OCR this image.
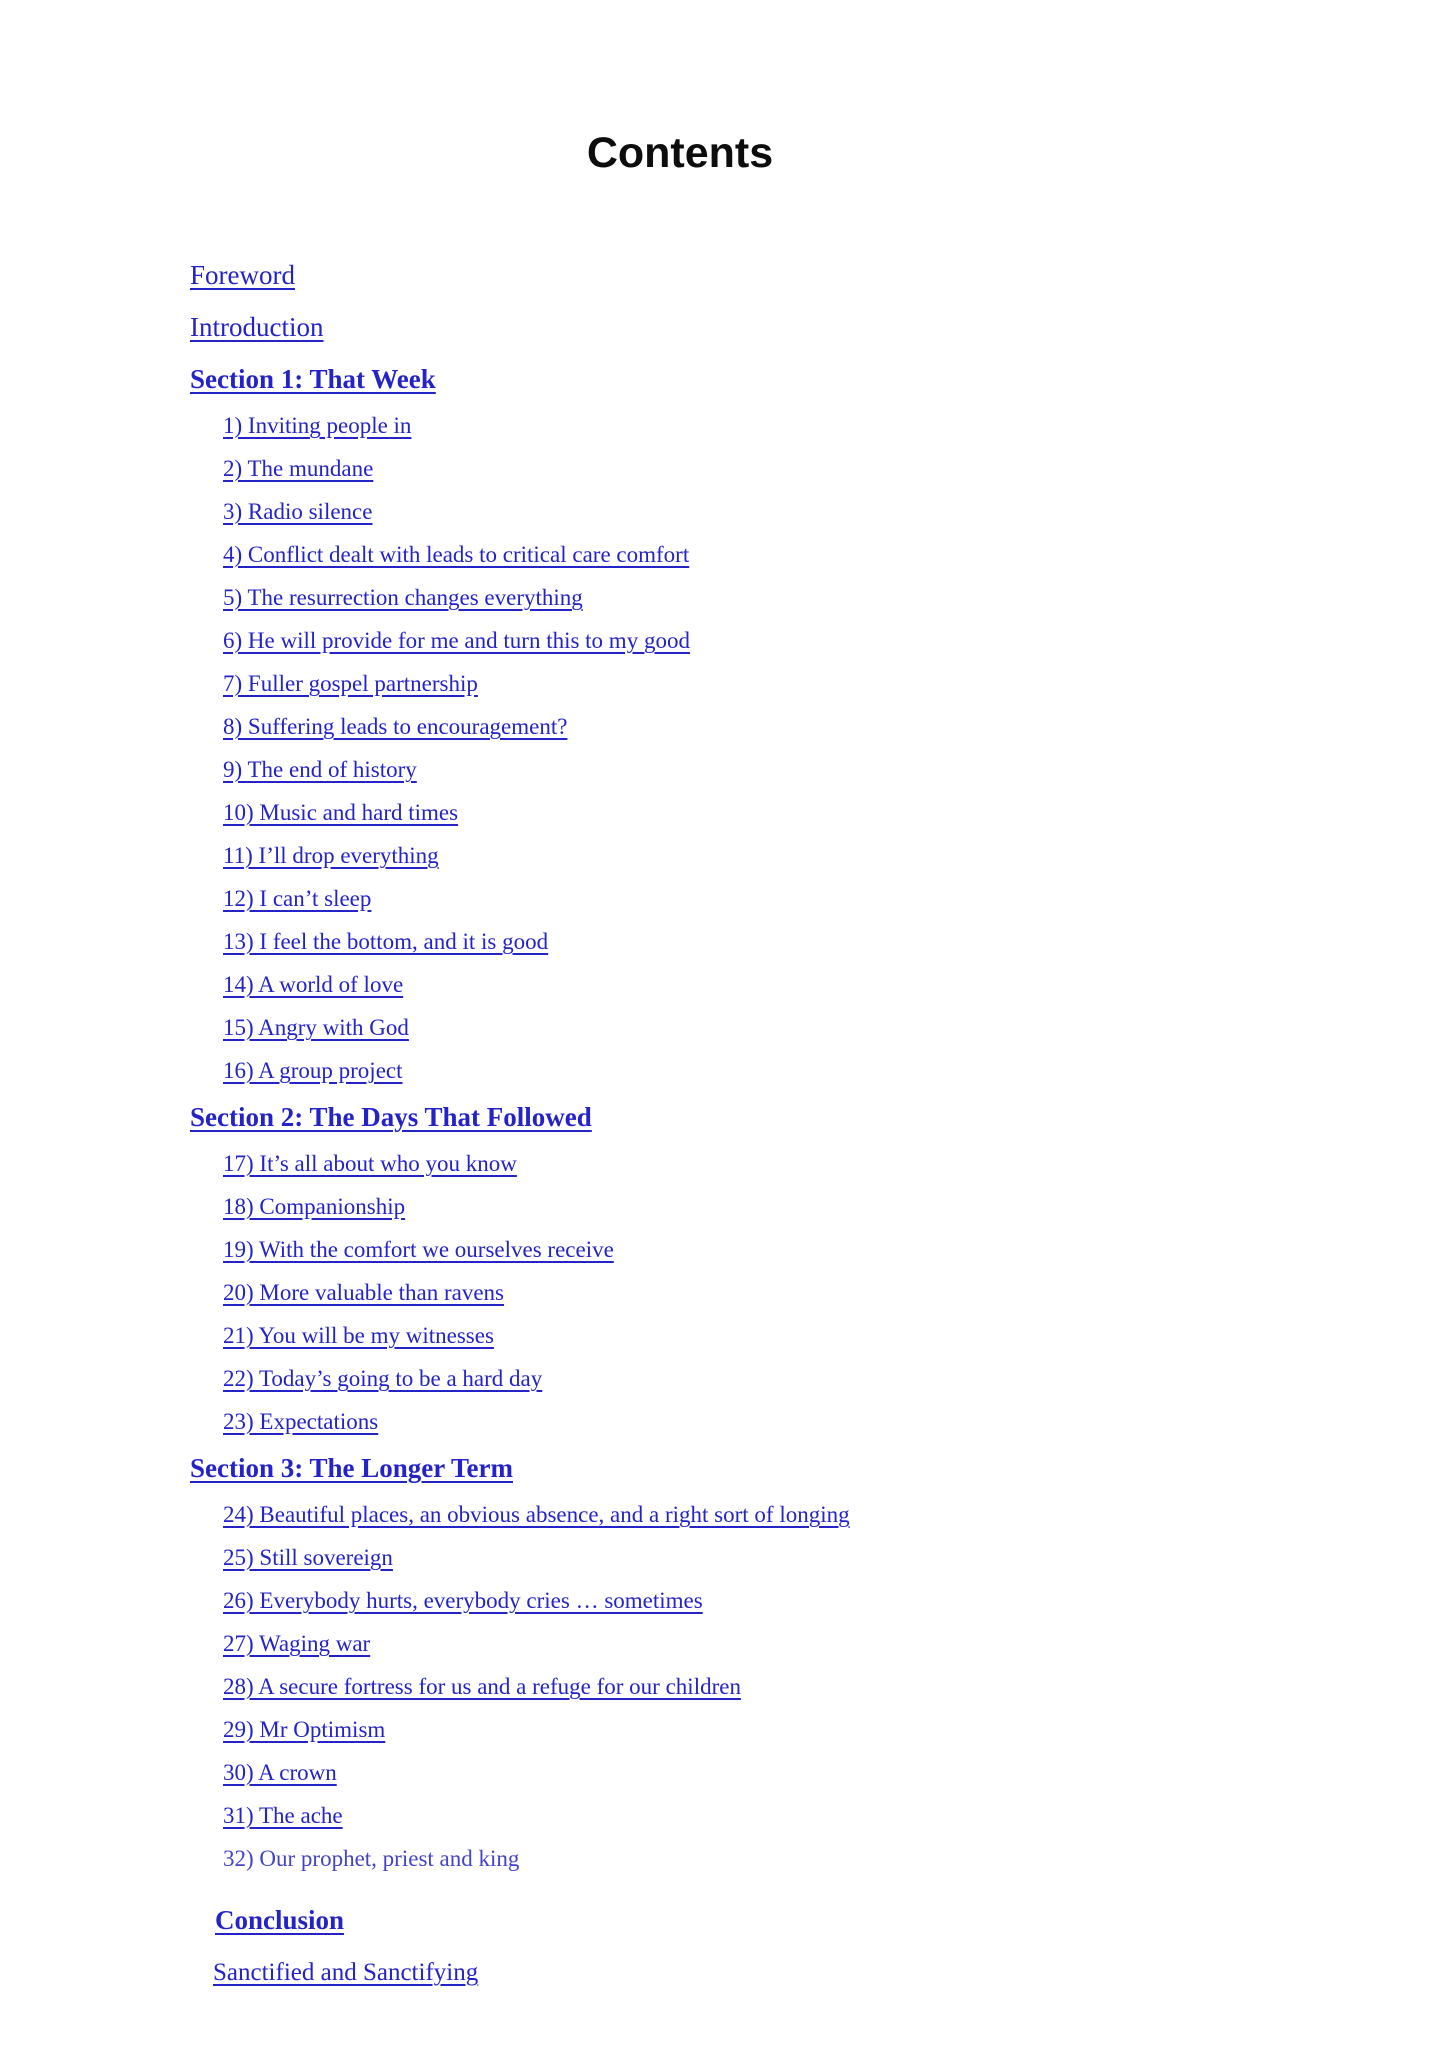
Contents
Foreword
Introduction
Section 1: That Week
1) Inviting people in
2) The mundane
3) Radio silence
4) Conflict dealt with leads to critical care comfort
5) The resurrection changes everything
6) He will provide for me and turn this to my good
7) Fuller gospel partnership
8) Suffering leads to encouragement?
9) The end of history
10) Music and hard times
11) I’ll drop everything
12) I can’t sleep
13) I feel the bottom, and it is good
14) A world of love
15) Angry with God
16) A group project
Section 2: The Days That Followed
17) It’s all about who you know
18) Companionship
19) With the comfort we ourselves receive
20) More valuable than ravens
21) You will be my witnesses
22) Today’s going to be a hard day
23) Expectations
Section 3: The Longer Term
24) Beautiful places, an obvious absence, and a right sort of longing
25) Still sovereign
26) Everybody hurts, everybody cries … sometimes
27) Waging war
28) A secure fortress for us and a refuge for our children
29) Mr Optimism
30) A crown
31) The ache
32) Our prophet, priest and king
Conclusion
Sanctified and Sanctifying
